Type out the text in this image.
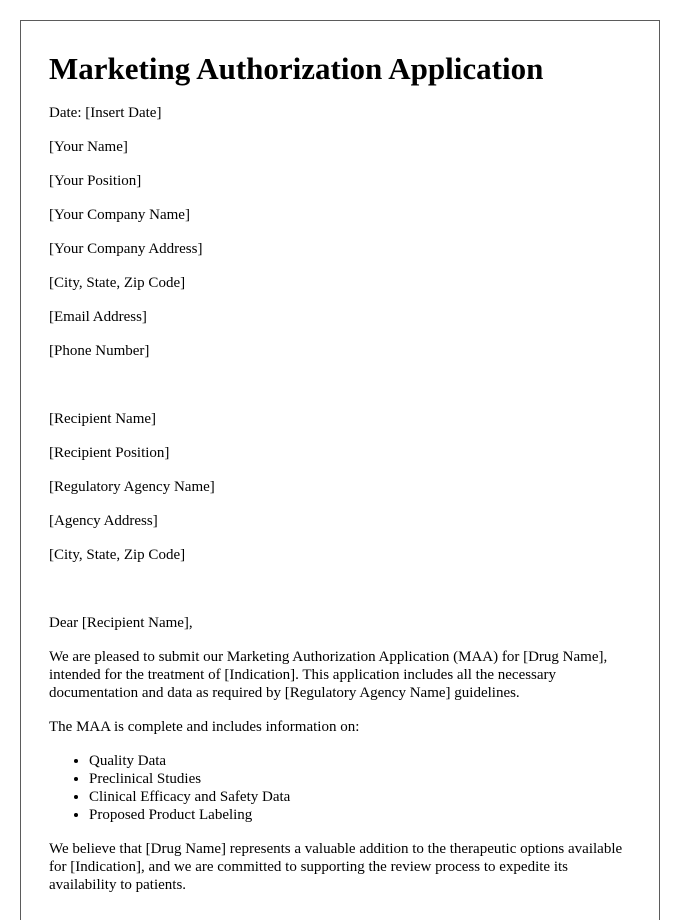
Marketing Authorization Application
Date: [Insert Date]
[Your Name]
[Your Position]
[Your Company Name]
[Your Company Address]
[City, State, Zip Code]
[Email Address]
[Phone Number]
[Recipient Name]
[Recipient Position]
[Regulatory Agency Name]
[Agency Address]
[City, State, Zip Code]
Dear [Recipient Name],

We are pleased to submit our Marketing Authorization Application (MAA) for [Drug Name], intended for the treatment of [Indication]. This application includes all the necessary documentation and data as required by [Regulatory Agency Name] guidelines.

The MAA is complete and includes information on:

• Quality Data
• Preclinical Studies
• Clinical Efficacy and Safety Data
• Proposed Product Labeling

We believe that [Drug Name] represents a valuable addition to the therapeutic options available for [Indication], and we are committed to supporting the review process to expedite its availability to patients.
